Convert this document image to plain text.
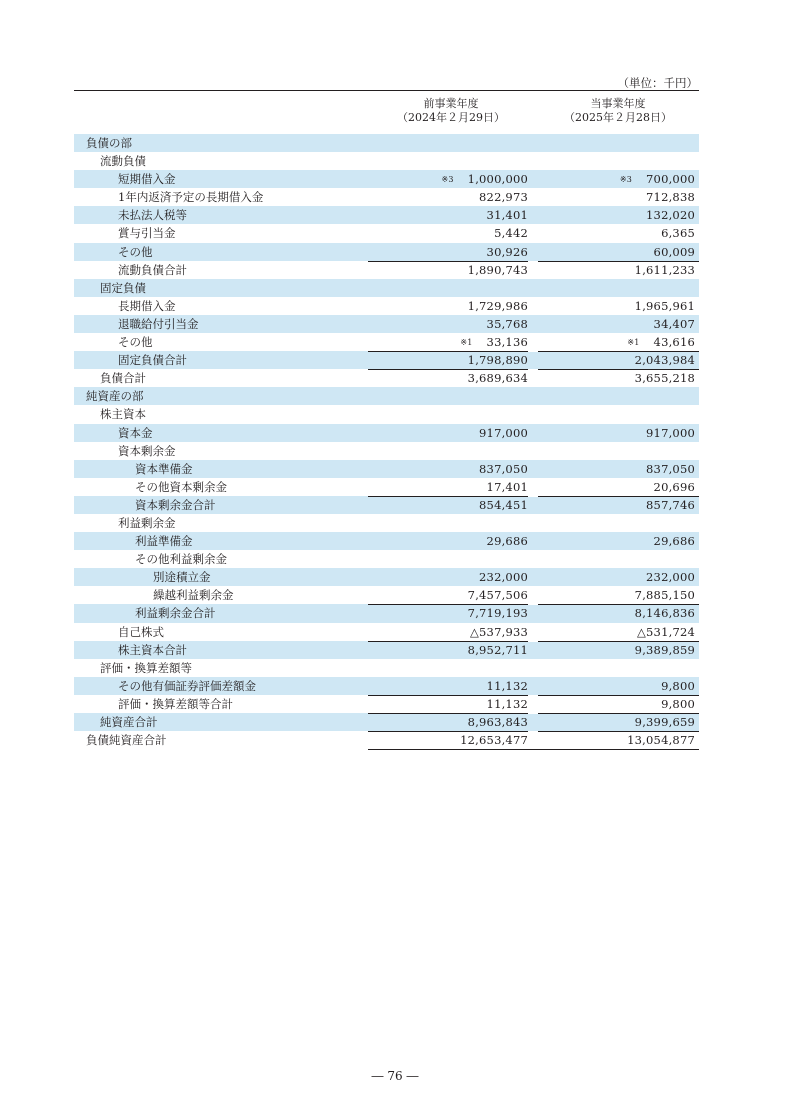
（単位：千円）
前事業年度
（2024年２月29日）
当事業年度
（2025年２月28日）
負債の部
流動負債
短期借入金	※3 1,000,000	※3 700,000
1年内返済予定の長期借入金	822,973	712,838
未払法人税等	31,401	132,020
賞与引当金	5,442	6,365
その他	30,926	60,009
流動負債合計	1,890,743	1,611,233
固定負債
長期借入金	1,729,986	1,965,961
退職給付引当金	35,768	34,407
その他	※1 33,136	※1 43,616
固定負債合計	1,798,890	2,043,984
負債合計	3,689,634	3,655,218
純資産の部
株主資本
資本金	917,000	917,000
資本剰余金
資本準備金	837,050	837,050
その他資本剰余金	17,401	20,696
資本剰余金合計	854,451	857,746
利益剰余金
利益準備金	29,686	29,686
その他利益剰余金
別途積立金	232,000	232,000
繰越利益剰余金	7,457,506	7,885,150
利益剰余金合計	7,719,193	8,146,836
自己株式	△537,933	△531,724
株主資本合計	8,952,711	9,389,859
評価・換算差額等
その他有価証券評価差額金	11,132	9,800
評価・換算差額等合計	11,132	9,800
純資産合計	8,963,843	9,399,659
負債純資産合計	12,653,477	13,054,877
― 76 ―
